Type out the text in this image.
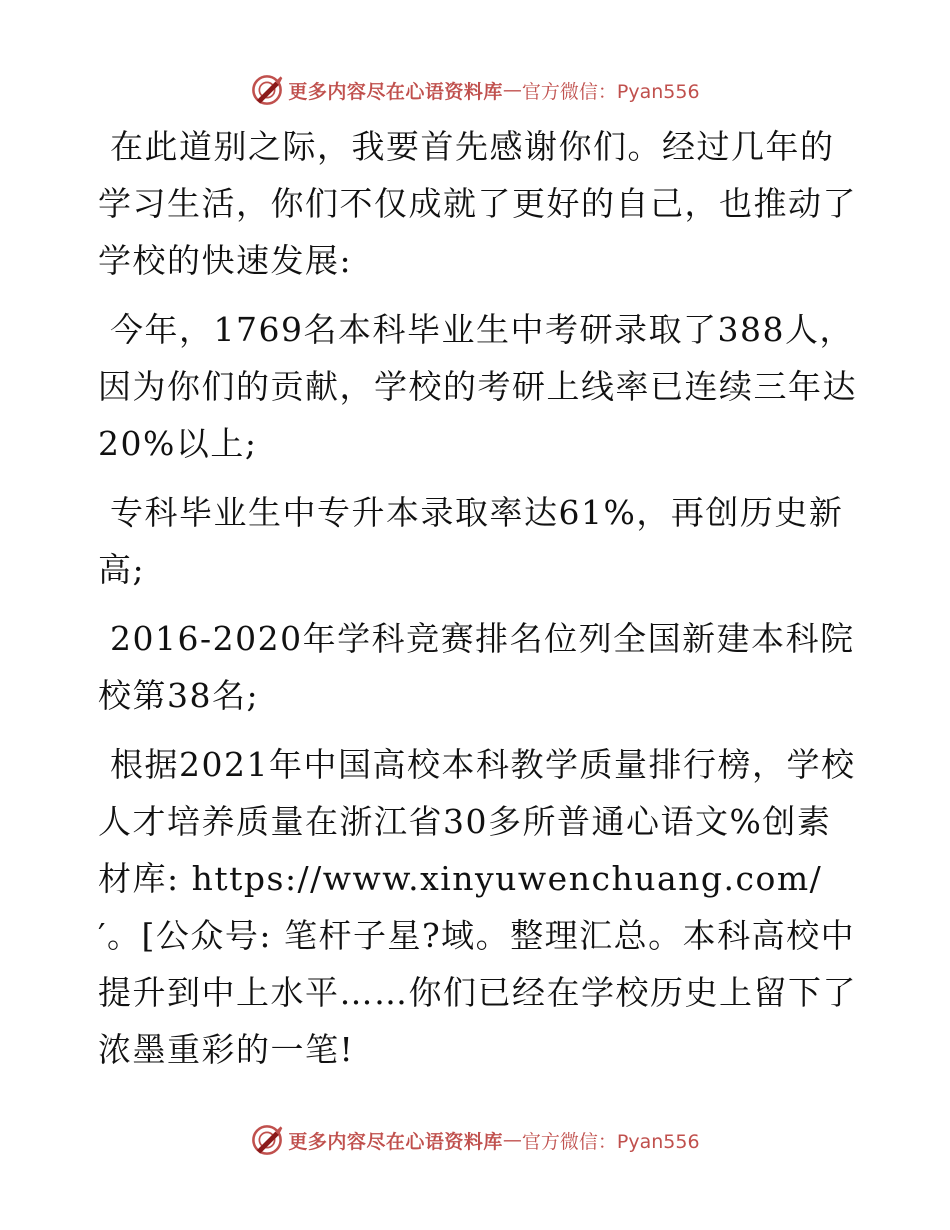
更多内容尽在心语资料库 — 官方微信：Pyan556

在此道别之际，我要首先感谢你们。经过几年的学习生活，你们不仅成就了更好的自己，也推动了学校的快速发展:

今年，1769名本科毕业生中考研录取了388人，因为你们的贡献，学校的考研上线率已连续三年达20%以上;

专科毕业生中专升本录取率达61%，再创历史新高;

2016-2020年学科竞赛排名位列全国新建本科院校第38名;

根据2021年中国高校本科教学质量排行榜，学校人才培养质量在浙江省30多所普通心语文%创素材库: https://www.xinyuwenchuang.com/′。[公众号: 笔杆子星?域。整理汇总。本科高校中提升到中上水平……你们已经在学校历史上留下了浓墨重彩的一笔!

更多内容尽在心语资料库 — 官方微信：Pyan556
